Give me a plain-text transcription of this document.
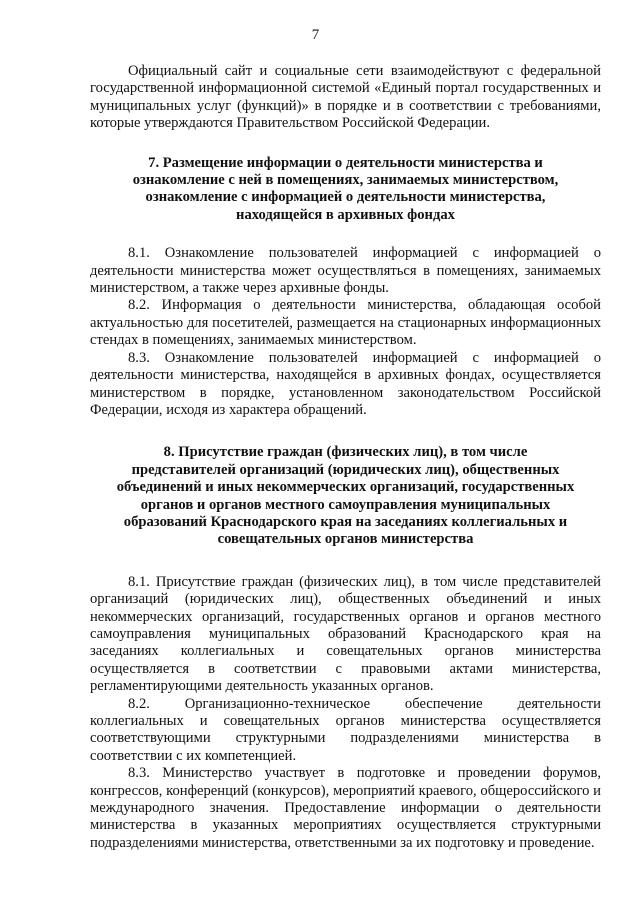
7

Официальный сайт и социальные сети взаимодействуют с федеральной государственной информационной системой «Единый портал государственных и муниципальных услуг (функций)» в порядке и в соответствии с требованиями, которые утверждаются Правительством Российской Федерации.

7. Размещение информации о деятельности министерства и ознакомление с ней в помещениях, занимаемых министерством, ознакомление с информацией о деятельности министерства, находящейся в архивных фондах

8.1. Ознакомление пользователей информацией с информацией о деятельности министерства может осуществляться в помещениях, занимаемых министерством, а также через архивные фонды.

8.2. Информация о деятельности министерства, обладающая особой актуальностью для посетителей, размещается на стационарных информационных стендах в помещениях, занимаемых министерством.

8.3. Ознакомление пользователей информацией с информацией о деятельности министерства, находящейся в архивных фондах, осуществляется министерством в порядке, установленном законодательством Российской Федерации, исходя из характера обращений.

8. Присутствие граждан (физических лиц), в том числе представителей организаций (юридических лиц), общественных объединений и иных некоммерческих организаций, государственных органов и органов местного самоуправления муниципальных образований Краснодарского края на заседаниях коллегиальных и совещательных органов министерства

8.1. Присутствие граждан (физических лиц), в том числе представителей организаций (юридических лиц), общественных объединений и иных некоммерческих организаций, государственных органов и органов местного самоуправления муниципальных образований Краснодарского края на заседаниях коллегиальных и совещательных органов министерства осуществляется в соответствии с правовыми актами министерства, регламентирующими деятельность указанных органов.

8.2. Организационно-техническое обеспечение деятельности коллегиальных и совещательных органов министерства осуществляется соответствующими структурными подразделениями министерства в соответствии с их компетенцией.

8.3. Министерство участвует в подготовке и проведении форумов, конгрессов, конференций (конкурсов), мероприятий краевого, общероссийского и международного значения. Предоставление информации о деятельности министерства в указанных мероприятиях осуществляется структурными подразделениями министерства, ответственными за их подготовку и проведение.
